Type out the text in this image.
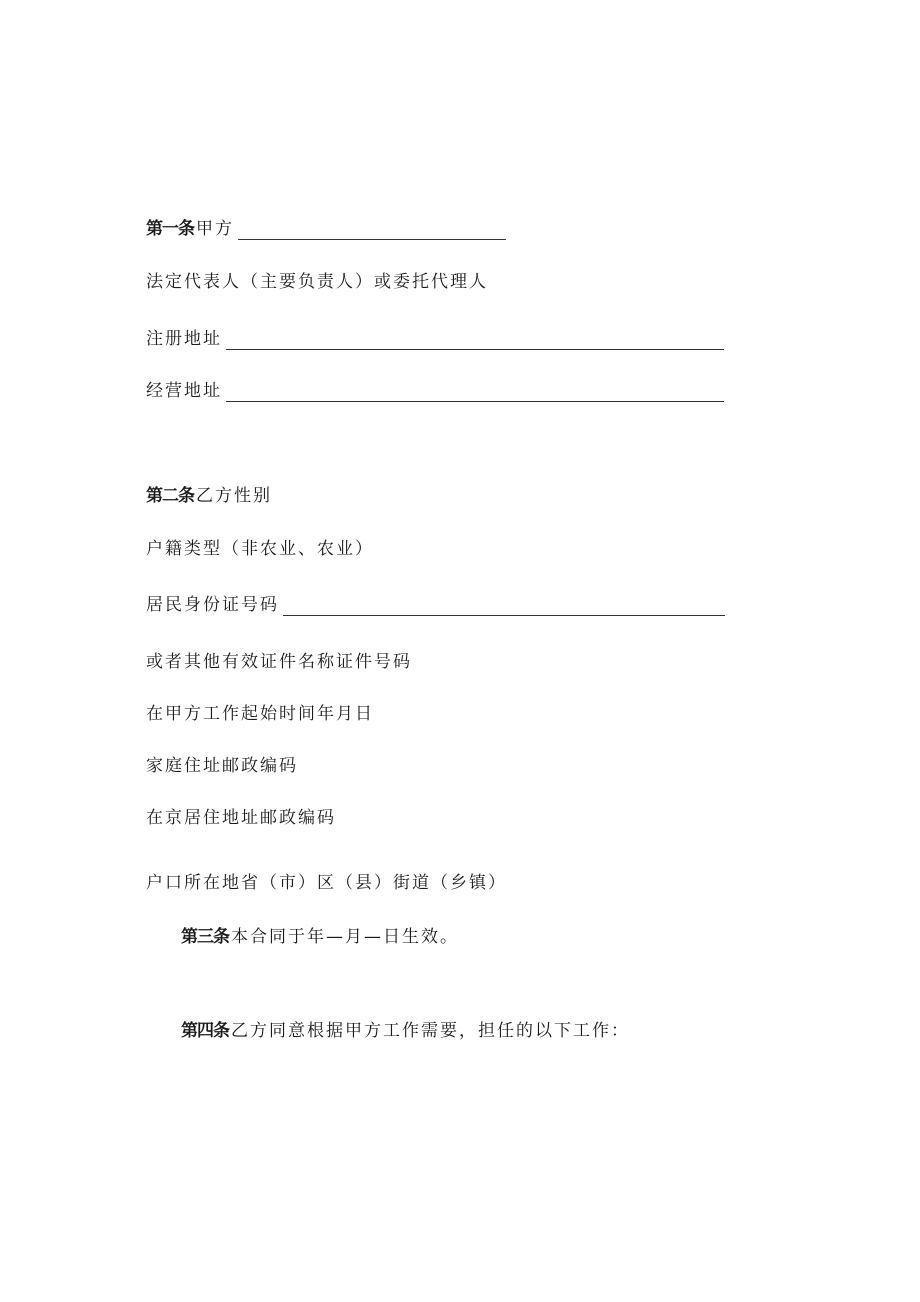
第一条 甲方
法定代表人（主要负责人）或委托代理人
注册地址
经营地址
第二条 乙方性别
户籍类型（非农业、农业）
居民身份证号码
或者其他有效证件名称证件号码
在甲方工作起始时间年月日
家庭住址邮政编码
在京居住地址邮政编码
户口所在地省（市）区（县）街道（乡镇）
第三条 本合同于年—月—日生效。
第四条 乙方同意根据甲方工作需要，担任的以下工作：
